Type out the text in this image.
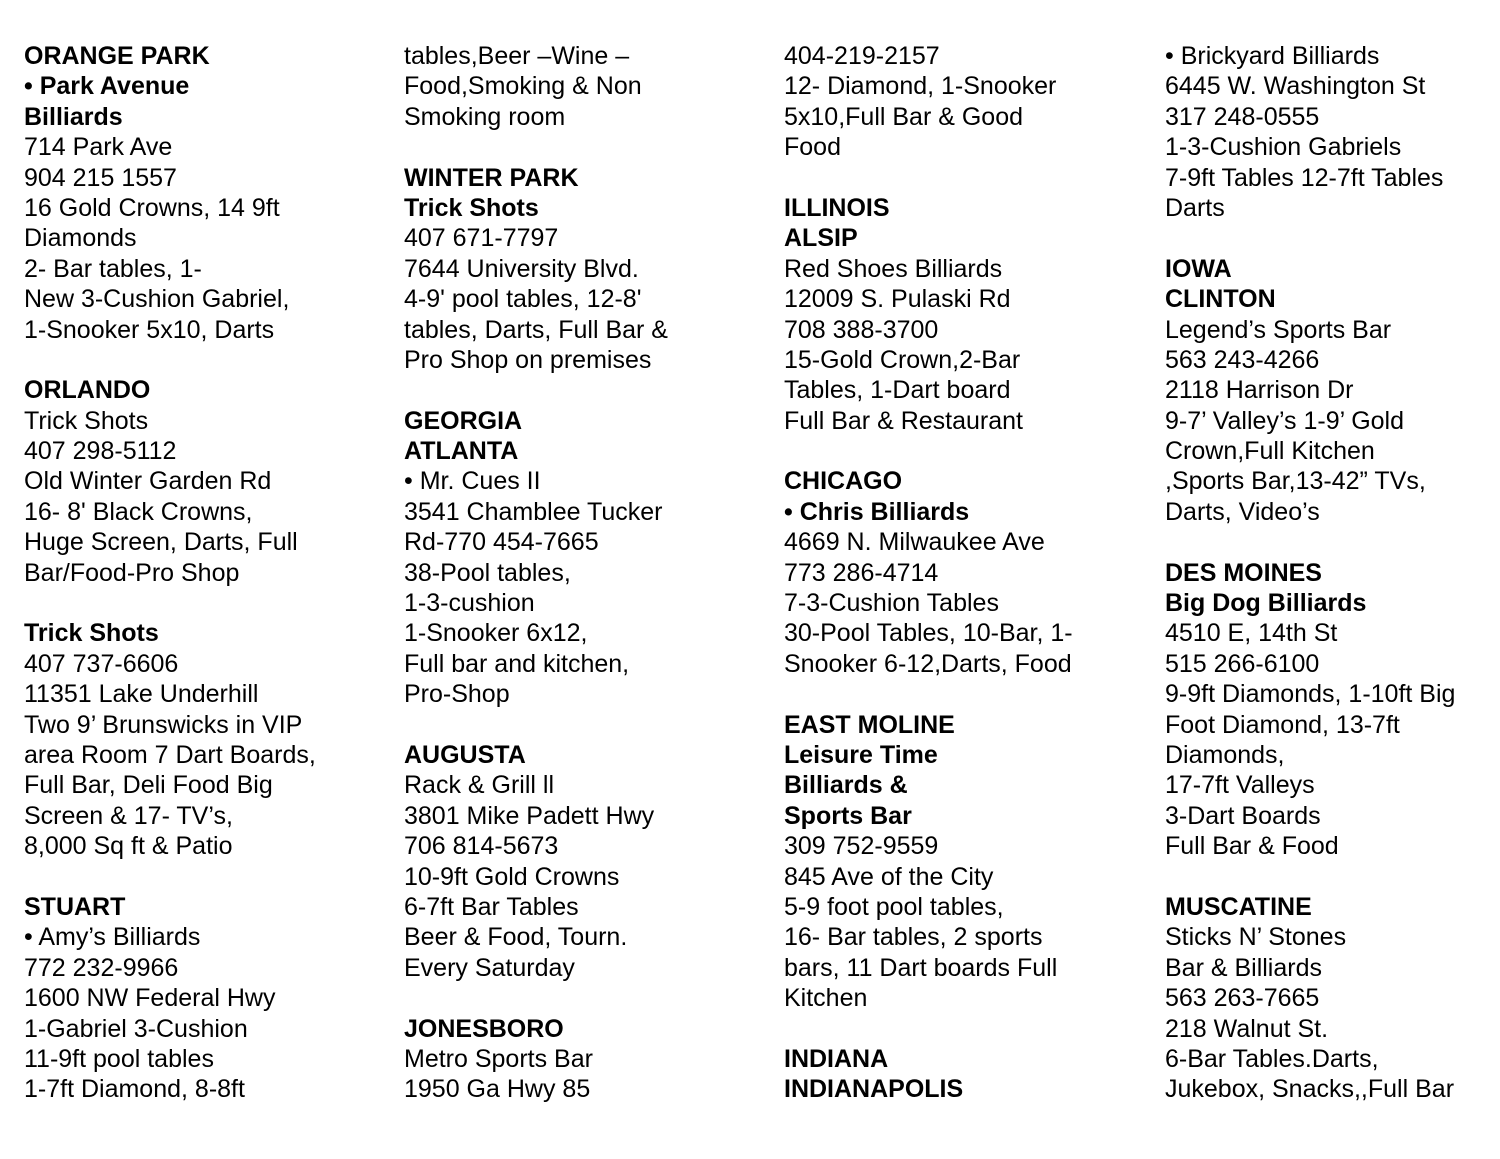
ORANGE PARK
• Park Avenue
Billiards
714 Park Ave
904 215 1557
16 Gold Crowns, 14 9ft
Diamonds
2- Bar tables, 1-
New 3-Cushion Gabriel,
1-Snooker 5x10, Darts
ORLANDO
Trick Shots
407 298-5112
Old Winter Garden Rd
16- 8' Black Crowns,
Huge Screen, Darts, Full
Bar/Food-Pro Shop
Trick Shots
407 737-6606
11351 Lake Underhill
Two 9’ Brunswicks in VIP
area Room 7 Dart Boards,
Full Bar, Deli Food Big
Screen & 17- TV’s,
8,000 Sq ft & Patio
STUART
• Amy’s Billiards
772 232-9966
1600 NW Federal Hwy
1-Gabriel 3-Cushion
11-9ft pool tables
1-7ft Diamond, 8-8ft
tables,Beer –Wine –
Food,Smoking & Non
Smoking room
WINTER PARK
Trick Shots
407 671-7797
7644 University Blvd.
4-9' pool tables, 12-8'
tables, Darts, Full Bar &
Pro Shop on premises
GEORGIA
ATLANTA
• Mr. Cues II
3541 Chamblee Tucker
Rd-770 454-7665
38-Pool tables,
1-3-cushion
1-Snooker 6x12,
Full bar and kitchen,
Pro-Shop
AUGUSTA
Rack & Grill ll
3801 Mike Padett Hwy
706 814-5673
10-9ft Gold Crowns
6-7ft Bar Tables
Beer & Food, Tourn.
Every Saturday
JONESBORO
Metro Sports Bar
1950 Ga Hwy 85
404-219-2157
12- Diamond, 1-Snooker
5x10,Full Bar & Good
Food
ILLINOIS
ALSIP
Red Shoes Billiards
12009 S. Pulaski Rd
708 388-3700
15-Gold Crown,2-Bar
Tables, 1-Dart board
Full Bar & Restaurant
CHICAGO
• Chris Billiards
4669 N. Milwaukee Ave
773 286-4714
7-3-Cushion Tables
30-Pool Tables, 10-Bar, 1-
Snooker 6-12,Darts, Food
EAST MOLINE
Leisure Time
Billiards &
Sports Bar
309 752-9559
845 Ave of the City
5-9 foot pool tables,
16- Bar tables, 2 sports
bars, 11 Dart boards Full
Kitchen
INDIANA
INDIANAPOLIS
• Brickyard Billiards
6445 W. Washington St
317 248-0555
1-3-Cushion Gabriels
7-9ft Tables 12-7ft Tables
Darts
IOWA
CLINTON
Legend’s Sports Bar
563 243-4266
2118 Harrison Dr
9-7’ Valley’s 1-9’ Gold
Crown,Full Kitchen
,Sports Bar,13-42” TVs,
Darts, Video’s
DES MOINES
Big Dog Billiards
4510 E, 14th St
515 266-6100
9-9ft Diamonds, 1-10ft Big
Foot Diamond, 13-7ft
Diamonds,
17-7ft Valleys
3-Dart Boards
Full Bar & Food
MUSCATINE
Sticks N’ Stones
Bar & Billiards
563 263-7665
218 Walnut St.
6-Bar Tables.Darts,
Jukebox, Snacks,,Full Bar
